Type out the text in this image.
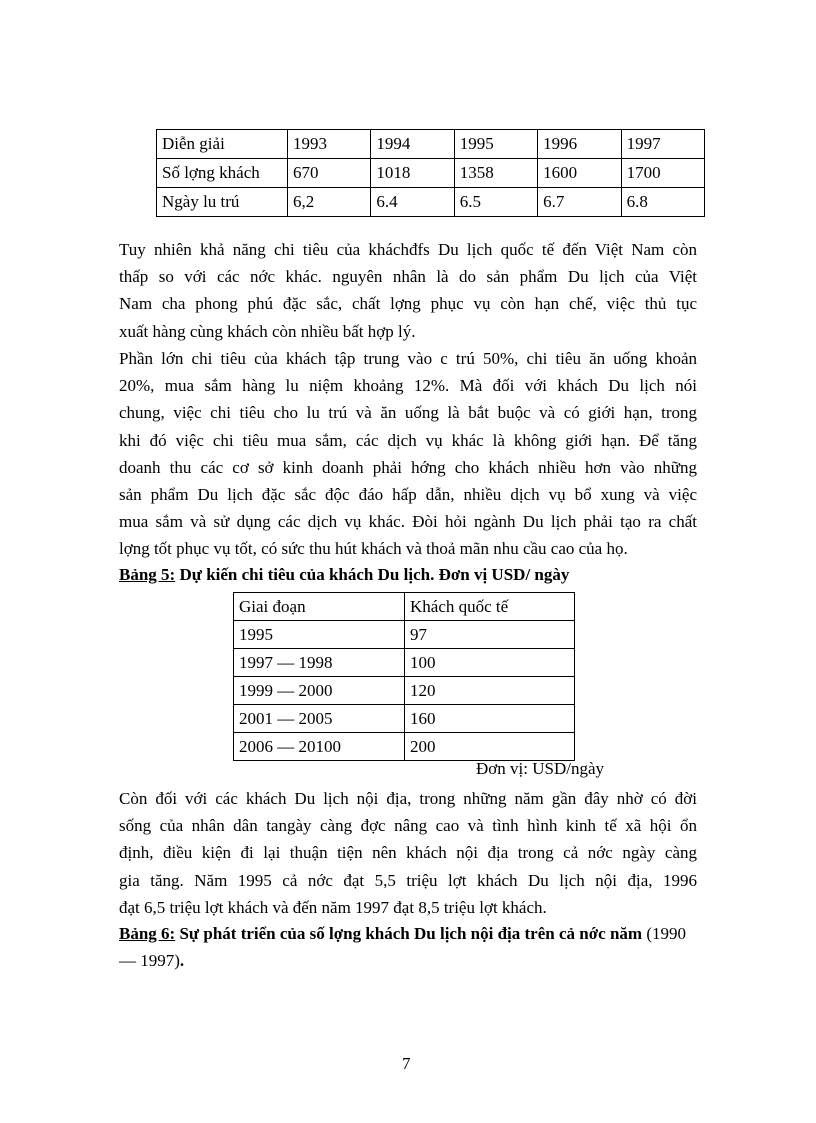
Diễn giải	1993	1994	1995	1996	1997
Số lợng khách	670	1018	1358	1600	1700
Ngày lu trú	6,2	6.4	6.5	6.7	6.8
Tuy nhiên khả năng chi tiêu của kháchđfs Du lịch quốc tế đến Việt Nam còn
thấp so với các nớc khác. nguyên nhân là do sản phẩm Du lịch của Việt
Nam cha phong phú đặc sắc, chất lợng phục vụ còn hạn chế, việc thủ tục
xuất hàng cùng khách còn nhiều bất hợp lý.
Phần lớn chi tiêu của khách tập trung vào c trú 50%, chi tiêu ăn uống khoản
20%, mua sắm hàng lu niệm khoảng 12%. Mà đối với khách Du lịch nói
chung, việc chi tiêu cho lu trú và ăn uống là bắt buộc và có giới hạn, trong
khi đó việc chi tiêu mua sắm, các dịch vụ khác là không giới hạn. Để tăng
doanh thu các cơ sở kinh doanh phải hớng cho khách nhiều hơn vào những
sản phẩm Du lịch đặc sắc độc đáo hấp dẫn, nhiều dịch vụ bổ xung và việc
mua sắm và sử dụng các dịch vụ khác. Đòi hỏi ngành Du lịch phải tạo ra chất
lợng tốt phục vụ tốt, có sức thu hút khách và thoả mãn nhu cầu cao của họ.
Bảng 5: Dự kiến chi tiêu của khách Du lịch. Đơn vị USD/ ngày
Giai đoạn	Khách quốc tế
1995	97
1997 — 1998	100
1999 — 2000	120
2001 — 2005	160
2006 — 20100	200
Đơn vị: USD/ngày
Còn đối với các khách Du lịch nội địa, trong những năm gần đây nhờ có đời
sống của nhân dân tangày càng đợc nâng cao và tình hình kinh tế xã hội ổn
định, điều kiện đi lại thuận tiện nên khách nội địa trong cả nớc ngày càng
gia tăng. Năm 1995 cả nớc đạt 5,5 triệu lợt khách Du lịch nội địa, 1996
đạt 6,5 triệu lợt khách và đến năm 1997 đạt 8,5 triệu lợt khách.
Bảng 6: Sự phát triển của số lợng khách Du lịch nội địa trên cả nớc năm (1990 — 1997).
7
